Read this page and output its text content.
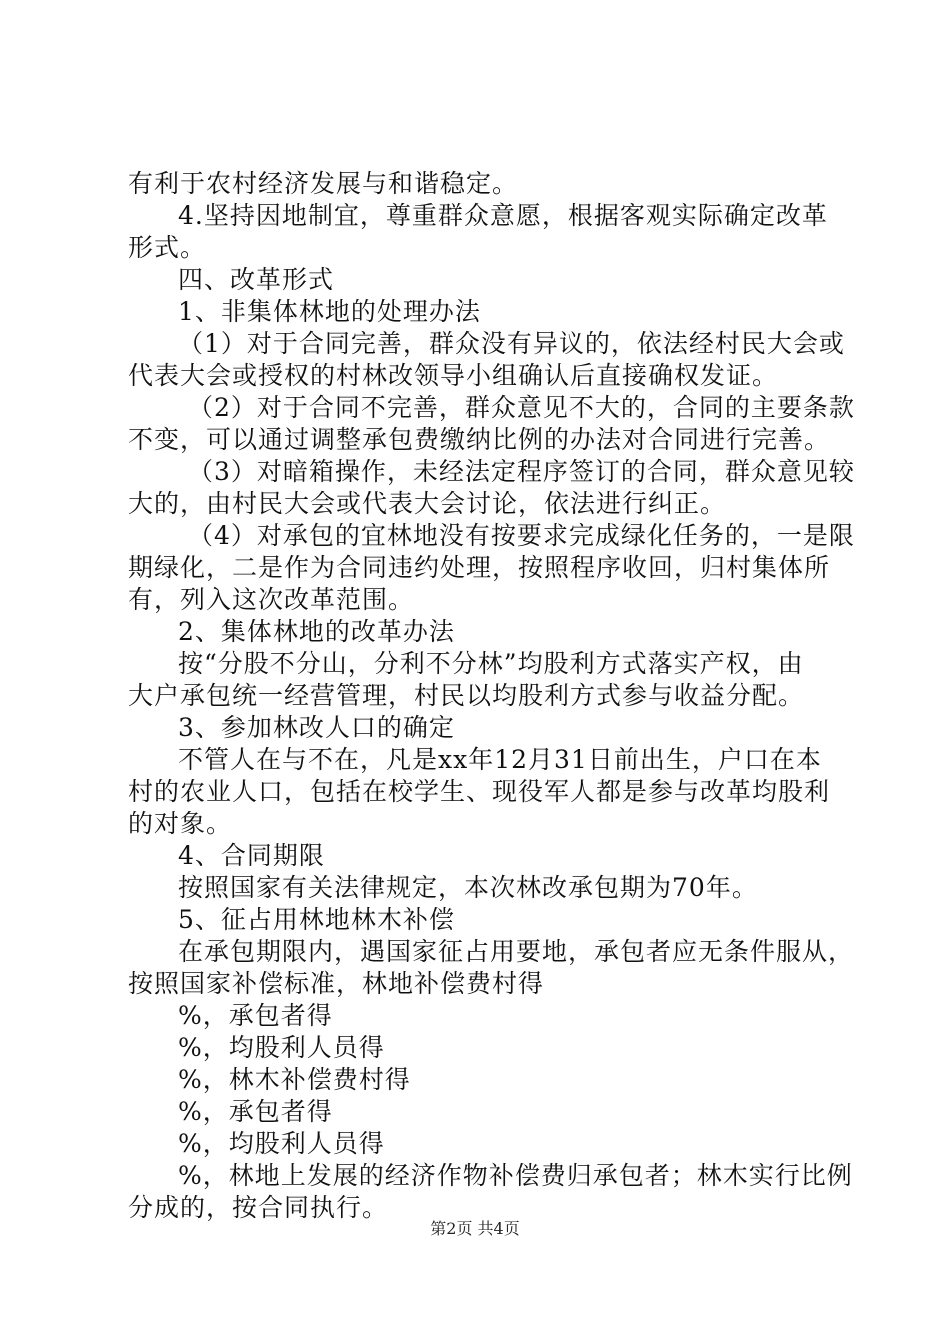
有利于农村经济发展与和谐稳定。
4.坚持因地制宜，尊重群众意愿，根据客观实际确定改革
形式。
四、改革形式
1、非集体林地的处理办法
（1）对于合同完善，群众没有异议的，依法经村民大会或
代表大会或授权的村林改领导小组确认后直接确权发证。
（2）对于合同不完善，群众意见不大的，合同的主要条款
不变，可以通过调整承包费缴纳比例的办法对合同进行完善。
（3）对暗箱操作，未经法定程序签订的合同，群众意见较
大的，由村民大会或代表大会讨论，依法进行纠正。
（4）对承包的宜林地没有按要求完成绿化任务的，一是限
期绿化，二是作为合同违约处理，按照程序收回，归村集体所
有，列入这次改革范围。
2、集体林地的改革办法
按“分股不分山，分利不分林”均股利方式落实产权，由
大户承包统一经营管理，村民以均股利方式参与收益分配。
3、参加林改人口的确定
不管人在与不在，凡是xx年12月31日前出生，户口在本
村的农业人口，包括在校学生、现役军人都是参与改革均股利
的对象。
4、合同期限
按照国家有关法律规定，本次林改承包期为70年。
5、征占用林地林木补偿
在承包期限内，遇国家征占用要地，承包者应无条件服从，
按照国家补偿标准，林地补偿费村得
%，承包者得
%，均股利人员得
%，林木补偿费村得
%，承包者得
%，均股利人员得
%，林地上发展的经济作物补偿费归承包者；林木实行比例
分成的，按合同执行。
第2页 共4页
